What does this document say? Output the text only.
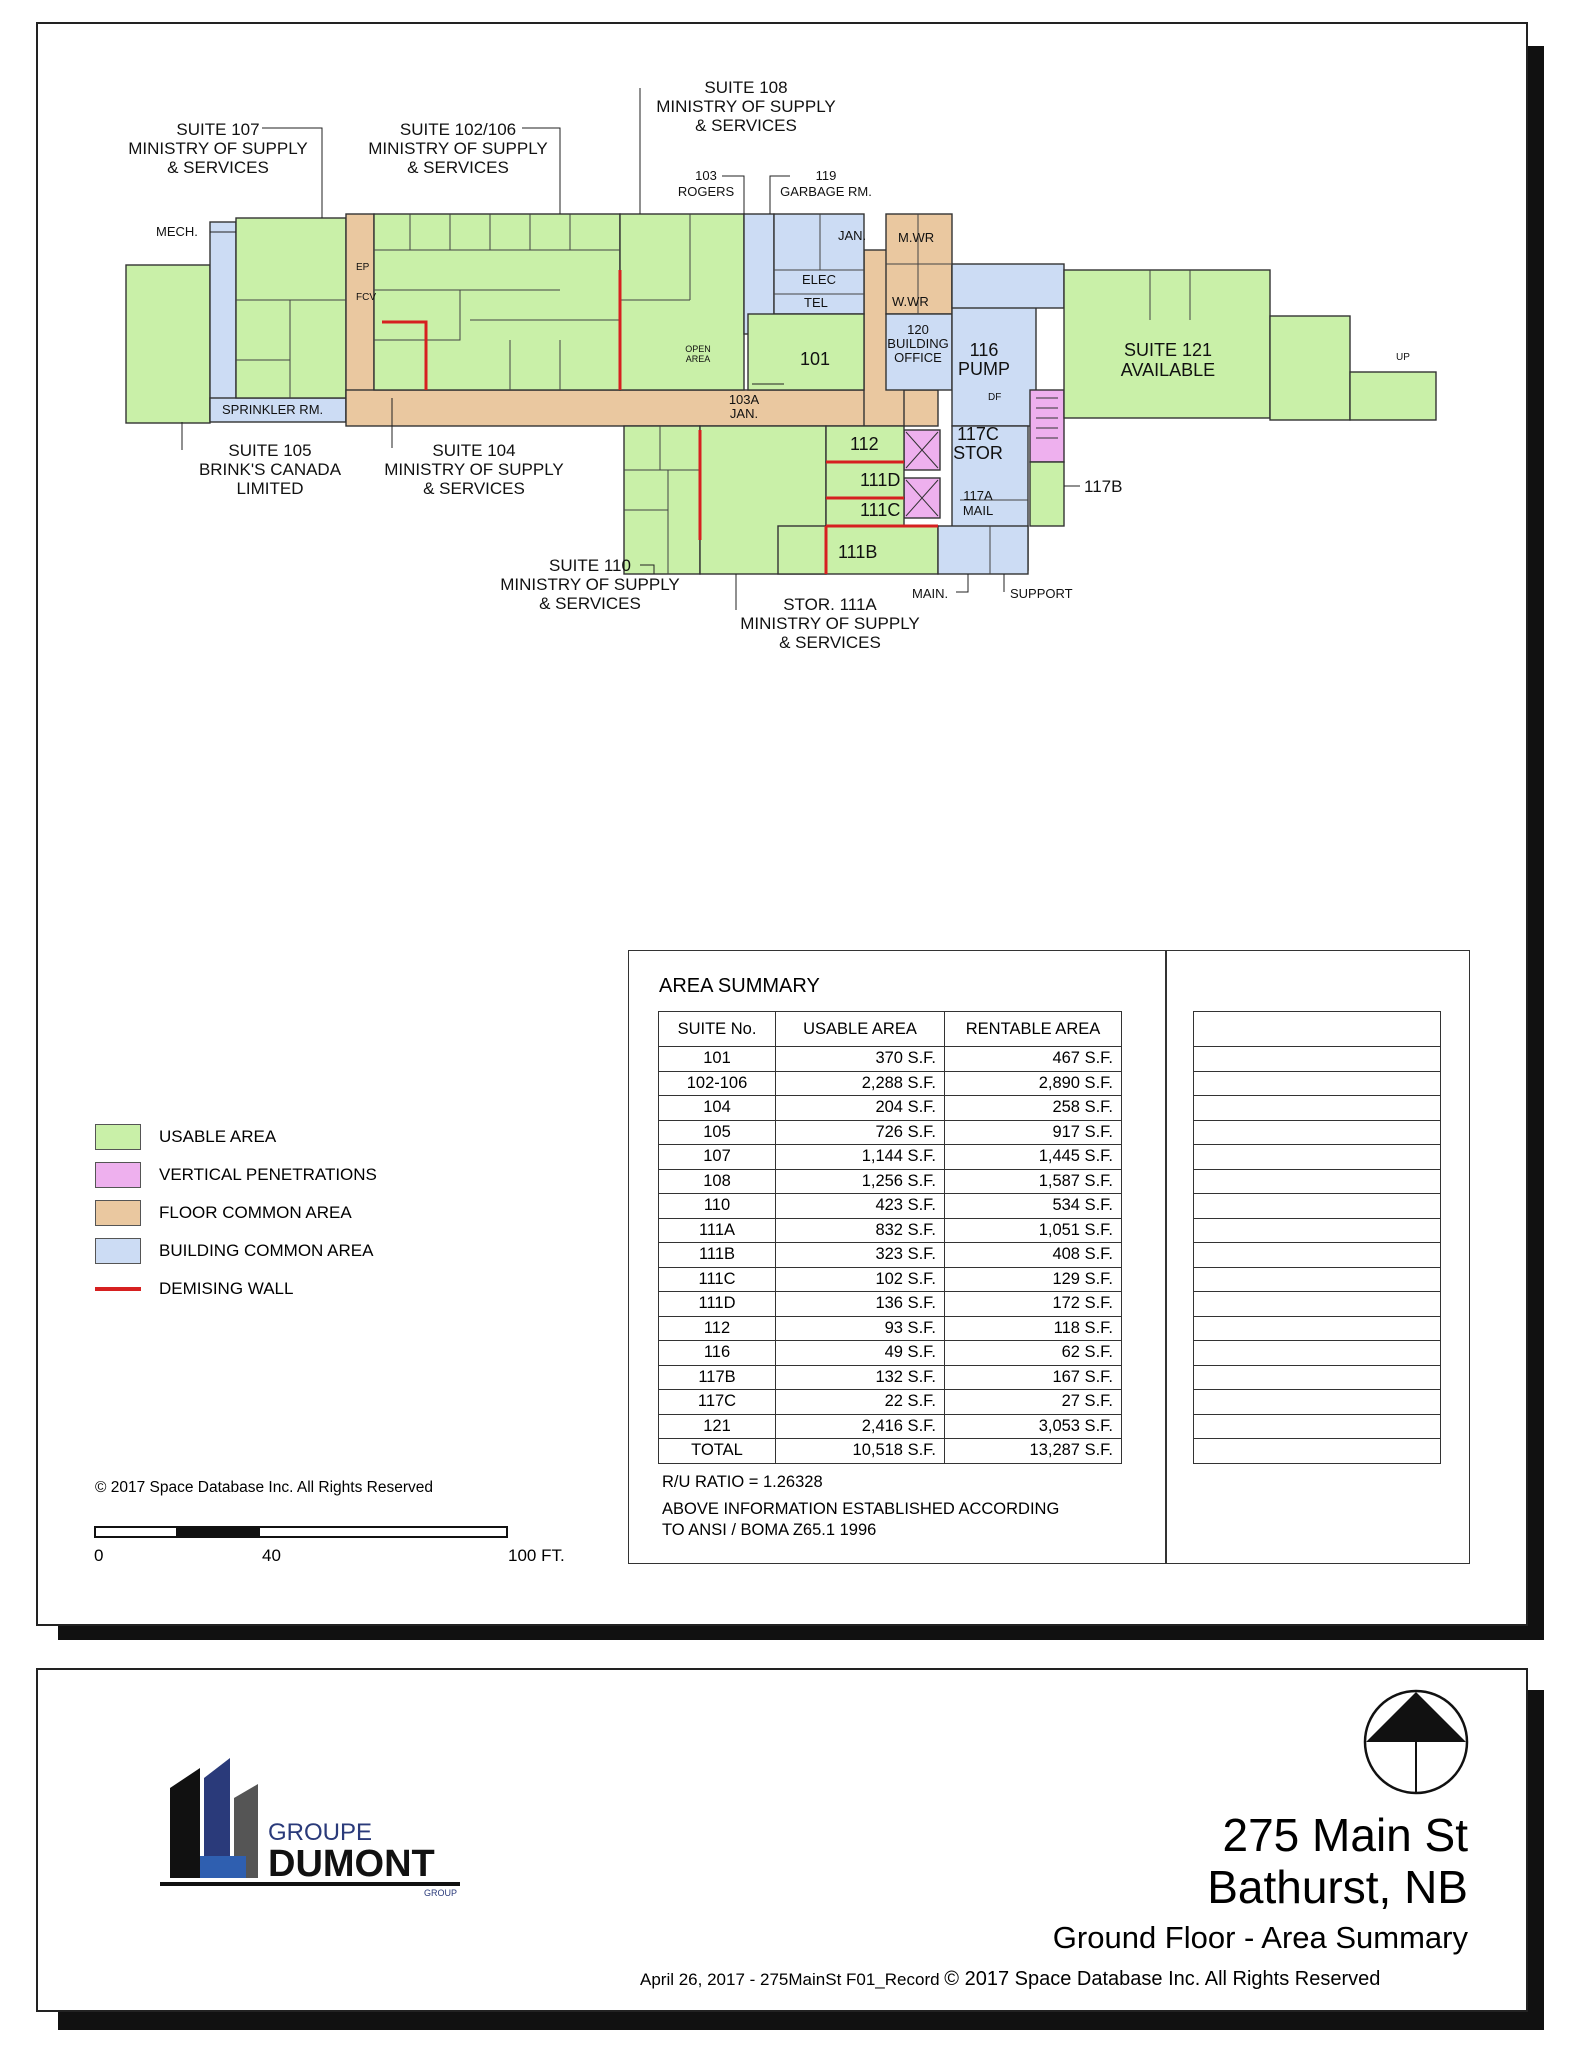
SUITE 107 MINISTRY OF SUPPLY & SERVICES
SUITE 102/106 MINISTRY OF SUPPLY & SERVICES
SUITE 108 MINISTRY OF SUPPLY & SERVICES
103 ROGERS
119 GARBAGE RM.
MECH.
SPRINKLER RM.
SUITE 105 BRINK'S CANADA LIMITED
SUITE 104 MINISTRY OF SUPPLY & SERVICES
SUITE 110 MINISTRY OF SUPPLY & SERVICES	STOR. 111A MINISTRY OF SUPPLY & SERVICES
MAIN.	SUPPORT
117B
SUITE 121 AVAILABLE
101
103A JAN.
116 PUMP
117C STOR
117A MAIL
120 BUILDING OFFICE
112
111D
111C
111B
JAN.
ELEC
TEL
M.WR
W.WR
OPEN AREA
FCV
EP
DF
UP
USABLE AREA
VERTICAL PENETRATIONS
FLOOR COMMON AREA
BUILDING COMMON AREA
DEMISING WALL
© 2017 Space Database Inc. All Rights Reserved
0	40	100 FT.
AREA SUMMARY
SUITE No.	USABLE AREA	RENTABLE AREA
101	370 S.F.	467 S.F.
102-106	2,288 S.F.	2,890 S.F.
104	204 S.F.	258 S.F.
105	726 S.F.	917 S.F.
107	1,144 S.F.	1,445 S.F.
108	1,256 S.F.	1,587 S.F.
110	423 S.F.	534 S.F.
111A	832 S.F.	1,051 S.F.
111B	323 S.F.	408 S.F.
111C	102 S.F.	129 S.F.
111D	136 S.F.	172 S.F.
112	93 S.F.	118 S.F.
116	49 S.F.	62 S.F.
117B	132 S.F.	167 S.F.
117C	22 S.F.	27 S.F.
121	2,416 S.F.	3,053 S.F.
TOTAL	10,518 S.F.	13,287 S.F.

R/U RATIO = 1.26328
ABOVE INFORMATION ESTABLISHED ACCORDING
TO ANSI / BOMA Z65.1 1996
GROUPE
DUMONT
GROUP
275 Main St
Bathurst, NB
Ground Floor - Area Summary
April 26, 2017 - 275MainSt F01_Record © 2017 Space Database Inc. All Rights Reserved
